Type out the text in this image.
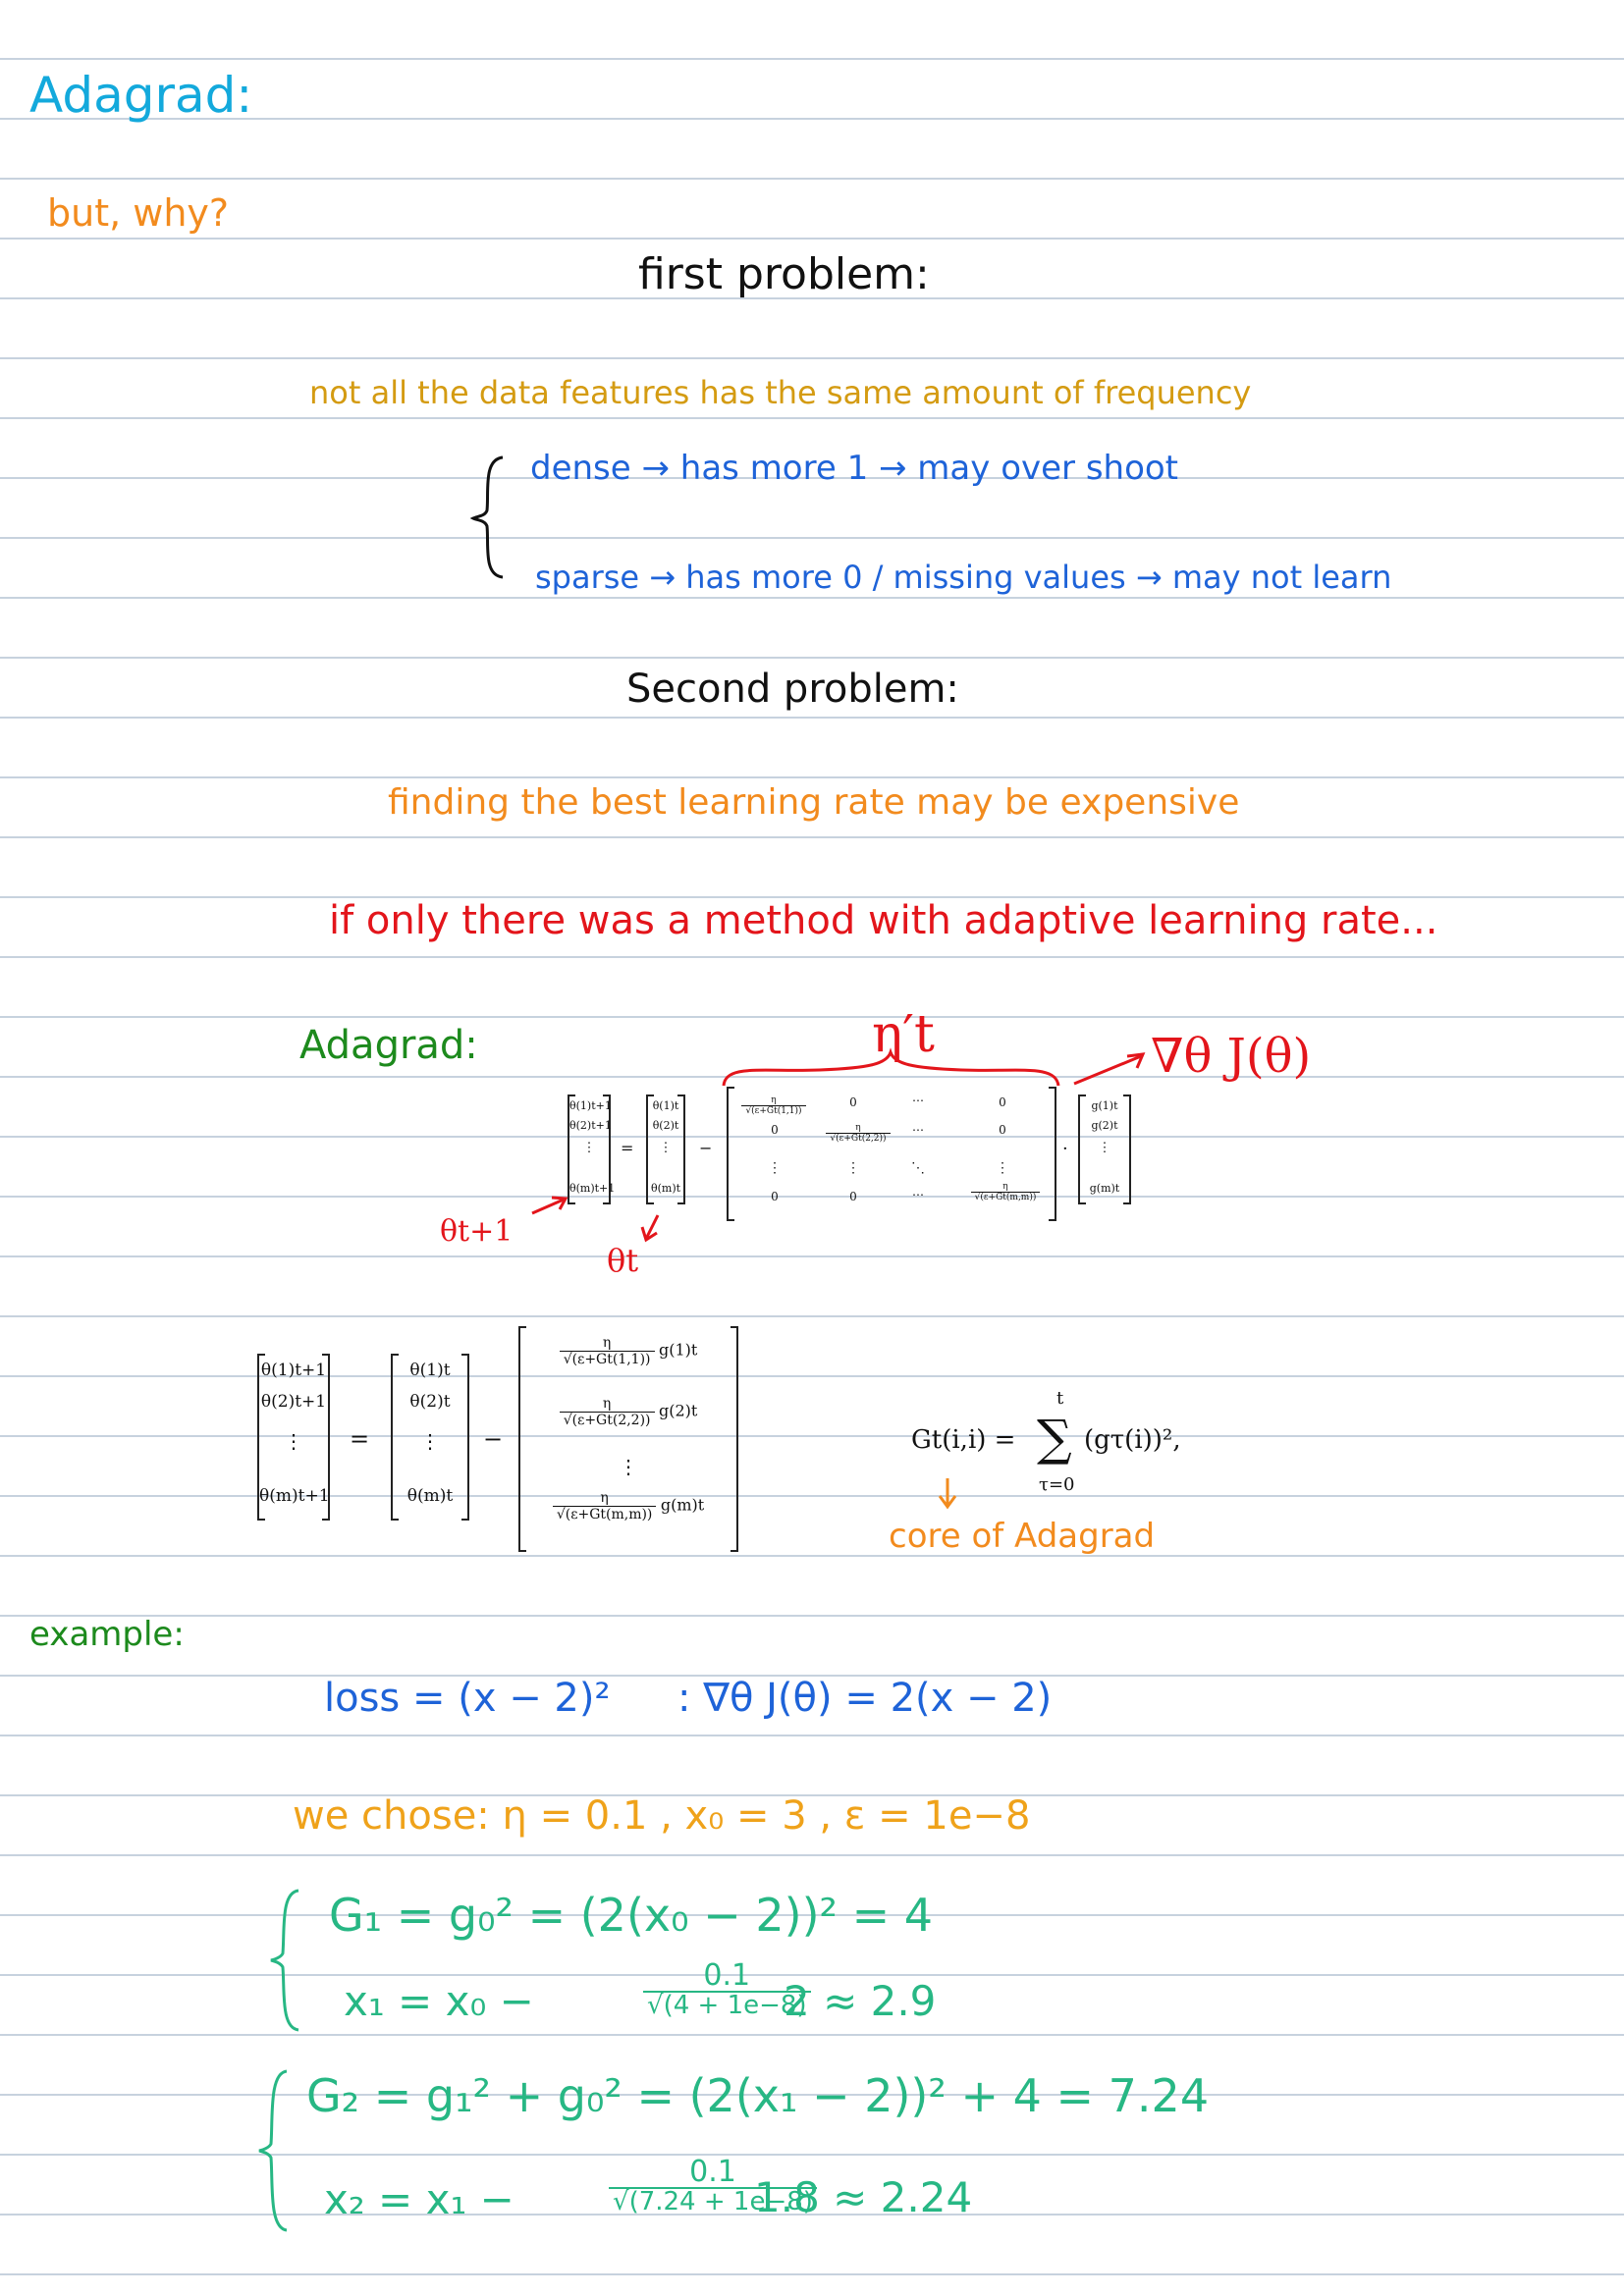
Adagrad:
but, why?
first problem:
not all the data features has the same amount of frequency
dense → has more 1 → may over shoot
sparse → has more 0 / missing values → may not learn
Second problem:
finding the best learning rate may be expensive
if only there was a method with adaptive learning rate...
Adagrad:	η′t	∇θ J(θ)
θ(1)t+1
θ(2)t+1
⋮
θ(m)t+1
=
θ(1)t
θ(2)t
⋮
θ(m)t
−
$\frac{\eta}{√(\varepsilon+Gt(1,1))}$	0	⋯	0
0	$\frac{\eta}{√(\varepsilon+Gt(2,2))}$	⋯	0
⋮	⋮	⋱	⋮
0	0	⋯	$\frac{\eta}{√(\varepsilon+Gt(m,m))}$
·
g(1)t
g(2)t
⋮
g(m)t
θt+1
θt
θ(1)t+1
θ(2)t+1
⋮
θ(m)t+1
=
θ(1)t
θ(2)t
⋮
θ(m)t
−
$\frac{\eta}{√(\varepsilon+Gt(1,1))} g(1)t$
$\frac{\eta}{√(\varepsilon+Gt(2,2))} g(2)t$
⋮
$\frac{\eta}{√(\varepsilon+Gt(m,m))} g(m)t$
Gt(i,i) =
t
∑
τ=0
(gτ(i))²,
core of Adagrad
example:
loss = (x − 2)² : ∇θ J(θ) = 2(x − 2)
we chose: η = 0.1 , x₀ = 3 , ε = 1e−8
G₁ = g₀² = (2(x₀ − 2))² = 4
x₁ = x₀ −	$\frac{0.1}{√(4 + 1e-8)}$
2 ≈ 2.9
G₂ = g₁² + g₀² = (2(x₁ − 2))² + 4 = 7.24
x₂ = x₁ −	$\frac{0.1}{√(7.24 + 1e-8)}$
1.8 ≈ 2.24
